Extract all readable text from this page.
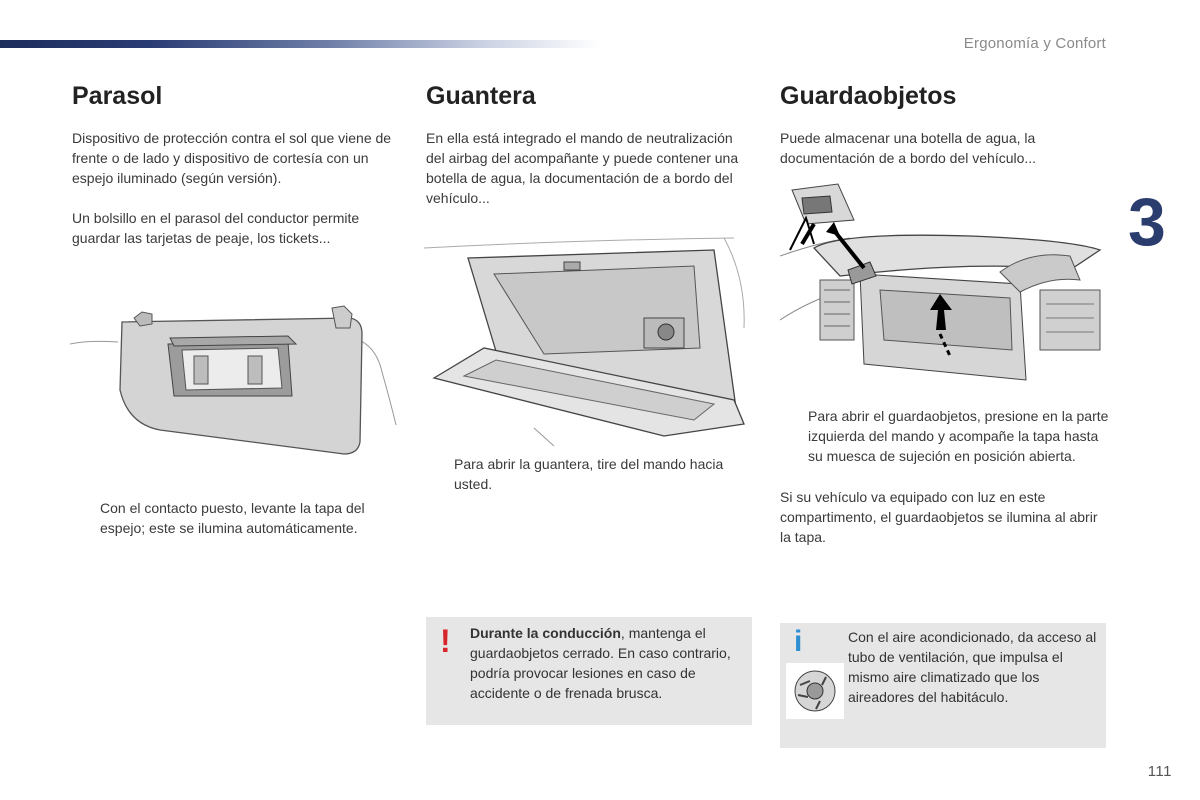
Ergonomía y Confort
3
Parasol

Dispositivo de protección contra el sol que viene de frente o de lado y dispositivo de cortesía con un espejo iluminado (según versión).

Un bolsillo en el parasol del conductor permite guardar las tarjetas de peaje, los tickets...

Con el contacto puesto, levante la tapa del espejo; este se ilumina automáticamente.
Guantera

En ella está integrado el mando de neutralización del airbag del acompañante y puede contener una botella de agua, la documentación de a bordo del vehículo...

Para abrir la guantera, tire del mando hacia usted.
! Durante la conducción, mantenga el guardaobjetos cerrado. En caso contrario, podría provocar lesiones en caso de accidente o de frenada brusca.

Guardaobjetos

Puede almacenar una botella de agua, la documentación de a bordo del vehículo...

Para abrir el guardaobjetos, presione en la parte izquierda del mando y acompañe la tapa hasta su muesca de sujeción en posición abierta.

Si su vehículo va equipado con luz en este compartimento, el guardaobjetos se ilumina al abrir la tapa.

i	Con el aire acondicionado, da acceso al tubo de ventilación, que impulsa el mismo aire climatizado que los aireadores del habitáculo.

111
